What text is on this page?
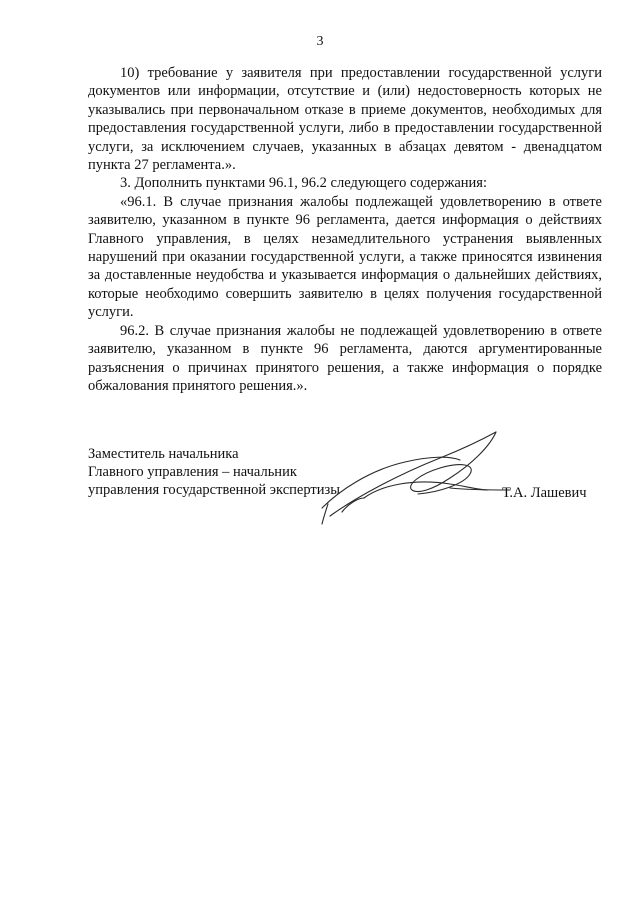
3

10) требование у заявителя при предоставлении государственной услуги документов или информации, отсутствие и (или) недостоверность которых не указывались при первоначальном отказе в приеме документов, необходимых для предоставления государственной услуги, либо в предоставлении государственной услуги, за исключением случаев, указанных в абзацах девятом - двенадцатом пункта 27 регламента.».

3. Дополнить пунктами 96.1, 96.2 следующего содержания:

«96.1. В случае признания жалобы подлежащей удовлетворению в ответе заявителю, указанном в пункте 96 регламента, дается информация о действиях Главного управления, в целях незамедлительного устранения выявленных нарушений при оказании государственной услуги, а также приносятся извинения за доставленные неудобства и указывается информация о дальнейших действиях, которые необходимо совершить заявителю в целях получения государственной услуги.

96.2. В случае признания жалобы не подлежащей удовлетворению в ответе заявителю, указанном в пункте 96 регламента, даются аргументированные разъяснения о причинах принятого решения, а также информация о порядке обжалования принятого решения.».

Заместитель начальника
Главного управления – начальник
управления государственной экспертизы	Т.А. Лашевич
